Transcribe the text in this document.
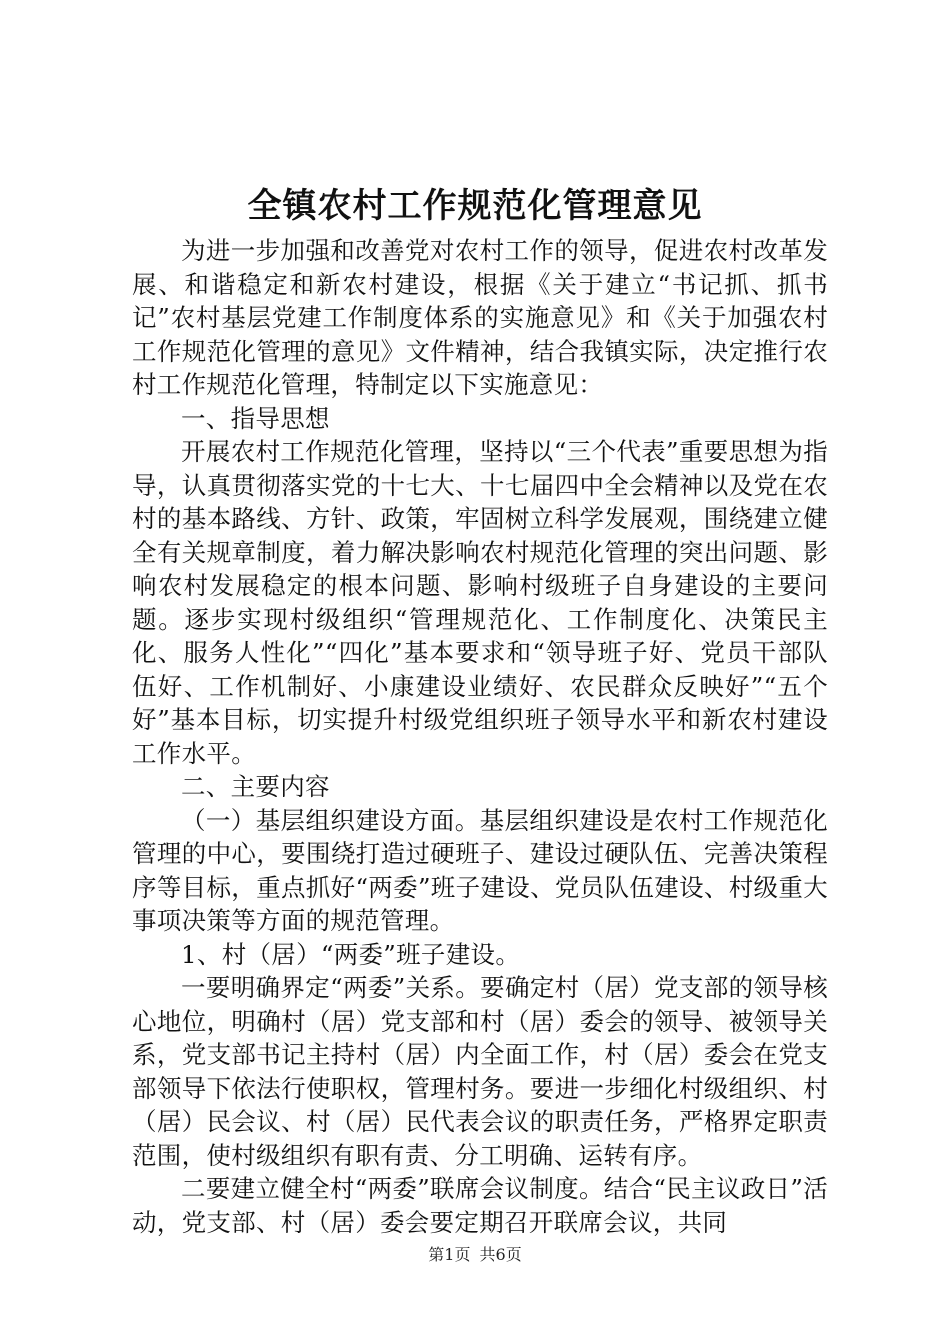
全镇农村工作规范化管理意见

为进一步加强和改善党对农村工作的领导，促进农村改革发展、和谐稳定和新农村建设，根据《关于建立“书记抓、抓书记”农村基层党建工作制度体系的实施意见》和《关于加强农村工作规范化管理的意见》文件精神，结合我镇实际，决定推行农村工作规范化管理，特制定以下实施意见：

一、指导思想

开展农村工作规范化管理，坚持以“三个代表”重要思想为指导，认真贯彻落实党的十七大、十七届四中全会精神以及党在农村的基本路线、方针、政策，牢固树立科学发展观，围绕建立健全有关规章制度，着力解决影响农村规范化管理的突出问题、影响农村发展稳定的根本问题、影响村级班子自身建设的主要问题。逐步实现村级组织“管理规范化、工作制度化、决策民主化、服务人性化”“四化”基本要求和“领导班子好、党员干部队伍好、工作机制好、小康建设业绩好、农民群众反映好”“五个好”基本目标，切实提升村级党组织班子领导水平和新农村建设工作水平。

二、主要内容

（一）基层组织建设方面。基层组织建设是农村工作规范化管理的中心，要围绕打造过硬班子、建设过硬队伍、完善决策程序等目标，重点抓好“两委”班子建设、党员队伍建设、村级重大事项决策等方面的规范管理。

1、村（居）“两委”班子建设。

一要明确界定“两委”关系。要确定村（居）党支部的领导核心地位，明确村（居）党支部和村（居）委会的领导、被领导关系，党支部书记主持村（居）内全面工作，村（居）委会在党支部领导下依法行使职权，管理村务。要进一步细化村级组织、村（居）民会议、村（居）民代表会议的职责任务，严格界定职责范围，使村级组织有职有责、分工明确、运转有序。

二要建立健全村“两委”联席会议制度。结合“民主议政日”活动，党支部、村（居）委会要定期召开联席会议，共同

第1页 共6页
